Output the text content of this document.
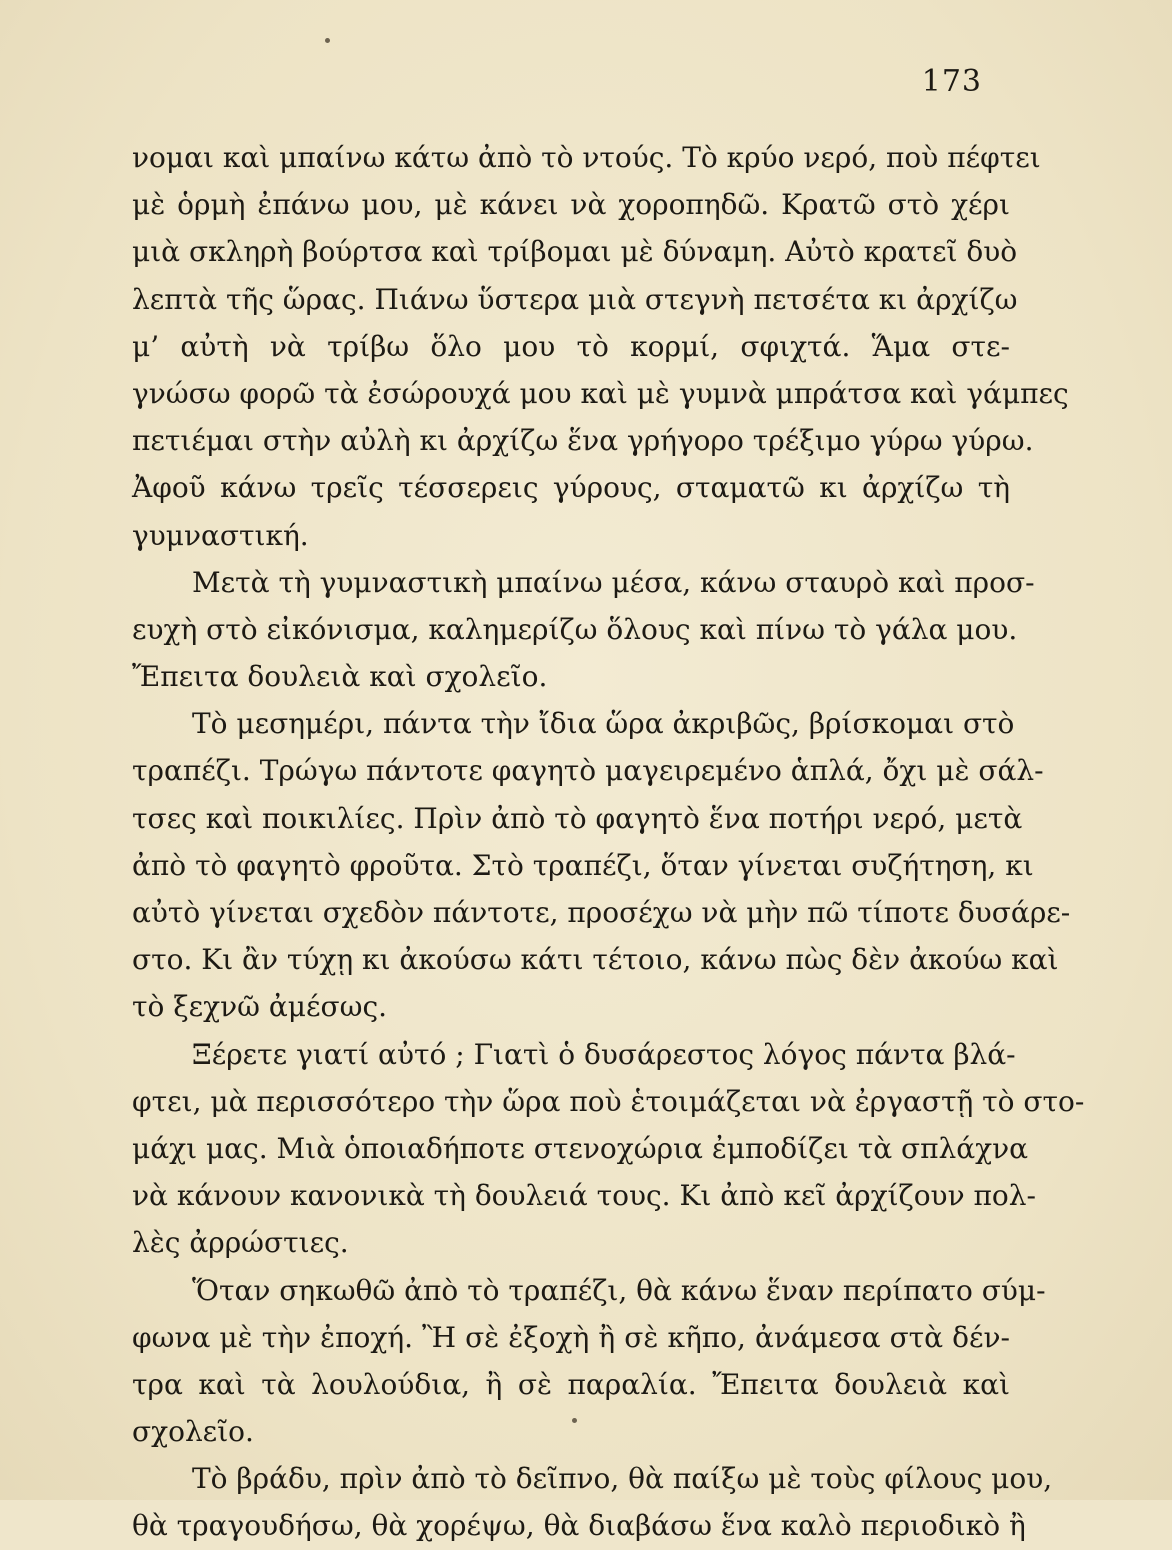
173
νομαι καὶ μπαίνω κάτω ἀπὸ τὸ ντούς. Τὸ κρύο νερό, ποὺ πέφτει
μὲ ὁρμὴ ἐπάνω μου, μὲ κάνει νὰ χοροπηδῶ. Κρατῶ στὸ χέρι
μιὰ σκληρὴ βούρτσα καὶ τρίβομαι μὲ δύναμη. Αὐτὸ κρατεῖ δυὸ
λεπτὰ τῆς ὥρας. Πιάνω ὕστερα μιὰ στεγνὴ πετσέτα κι ἀρχίζω
μ’ αὐτὴ νὰ τρίβω ὅλο μου τὸ κορμί, σφιχτά. Ἅμα στε-
γνώσω φορῶ τὰ ἐσώρουχά μου καὶ μὲ γυμνὰ μπράτσα καὶ γάμπες
πετιέμαι στὴν αὐλὴ κι ἀρχίζω ἕνα γρήγορο τρέξιμο γύρω γύρω.
Ἀφοῦ κάνω τρεῖς τέσσερεις γύρους, σταματῶ κι ἀρχίζω τὴ
γυμναστική.
Μετὰ τὴ γυμναστικὴ μπαίνω μέσα, κάνω σταυρὸ καὶ προσ-
ευχὴ στὸ εἰκόνισμα, καλημερίζω ὅλους καὶ πίνω τὸ γάλα μου.
Ἔπειτα δουλειὰ καὶ σχολεῖο.
Τὸ μεσημέρι, πάντα τὴν ἴδια ὥρα ἀκριβῶς, βρίσκομαι στὸ
τραπέζι. Τρώγω πάντοτε φαγητὸ μαγειρεμένο ἁπλά, ὄχι μὲ σάλ-
τσες καὶ ποικιλίες. Πρὶν ἀπὸ τὸ φαγητὸ ἕνα ποτήρι νερό, μετὰ
ἀπὸ τὸ φαγητὸ φροῦτα. Στὸ τραπέζι, ὅταν γίνεται συζήτηση, κι
αὐτὸ γίνεται σχεδὸν πάντοτε, προσέχω νὰ μὴν πῶ τίποτε δυσάρε-
στο. Κι ἂν τύχῃ κι ἀκούσω κάτι τέτοιο, κάνω πὼς δὲν ἀκούω καὶ
τὸ ξεχνῶ ἀμέσως.
Ξέρετε γιατί αὐτό ; Γιατὶ ὁ δυσάρεστος λόγος πάντα βλά-
φτει, μὰ περισσότερο τὴν ὥρα ποὺ ἑτοιμάζεται νὰ ἐργαστῇ τὸ στο-
μάχι μας. Μιὰ ὁποιαδήποτε στενοχώρια ἐμποδίζει τὰ σπλάχνα
νὰ κάνουν κανονικὰ τὴ δουλειά τους. Κι ἀπὸ κεῖ ἀρχίζουν πολ-
λὲς ἀρρώστιες.
Ὅταν σηκωθῶ ἀπὸ τὸ τραπέζι, θὰ κάνω ἕναν περίπατο σύμ-
φωνα μὲ τὴν ἐποχή. Ἢ σὲ ἐξοχὴ ἢ σὲ κῆπο, ἀνάμεσα στὰ δέν-
τρα καὶ τὰ λουλούδια, ἢ σὲ παραλία. Ἔπειτα δουλειὰ καὶ
σχολεῖο.
Τὸ βράδυ, πρὶν ἀπὸ τὸ δεῖπνο, θὰ παίξω μὲ τοὺς φίλους μου,
θὰ τραγουδήσω, θὰ χορέψω, θὰ διαβάσω ἕνα καλὸ περιοδικὸ ἢ
